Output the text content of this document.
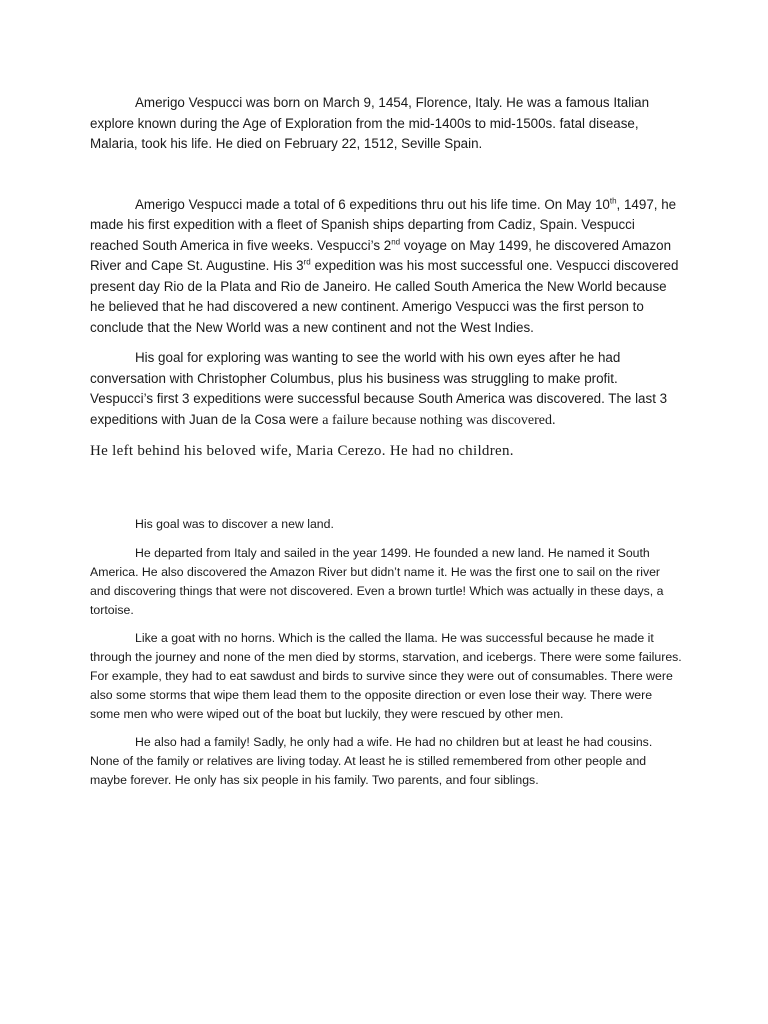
Amerigo Vespucci was born on March 9, 1454, Florence, Italy. He was a famous Italian explore known during the Age of Exploration from the mid-1400s to mid-1500s. fatal disease, Malaria, took his life. He died on February 22, 1512, Seville Spain.

Amerigo Vespucci made a total of 6 expeditions thru out his life time. On May 10th, 1497, he made his first expedition with a fleet of Spanish ships departing from Cadiz, Spain. Vespucci reached South America in five weeks. Vespucci’s 2nd voyage on May 1499, he discovered Amazon River and Cape St. Augustine. His 3rd expedition was his most successful one. Vespucci discovered present day Rio de la Plata and Rio de Janeiro. He called South America the New World because he believed that he had discovered a new continent. Amerigo Vespucci was the first person to conclude that the New World was a new continent and not the West Indies.

His goal for exploring was wanting to see the world with his own eyes after he had conversation with Christopher Columbus, plus his business was struggling to make profit. Vespucci’s first 3 expeditions were successful because South America was discovered. The last 3 expeditions with Juan de la Cosa were a failure because nothing was discovered.

He left behind his beloved wife, Maria Cerezo. He had no children.

His goal was to discover a new land.

He departed from Italy and sailed in the year 1499. He founded a new land. He named it South America. He also discovered the Amazon River but didn’t name it. He was the first one to sail on the river and discovering things that were not discovered. Even a brown turtle! Which was actually in these days, a tortoise.

Like a goat with no horns. Which is the called the llama. He was successful because he made it through the journey and none of the men died by storms, starvation, and icebergs. There were some failures. For example, they had to eat sawdust and birds to survive since they were out of consumables. There were also some storms that wipe them lead them to the opposite direction or even lose their way. There were some men who were wiped out of the boat but luckily, they were rescued by other men.

He also had a family! Sadly, he only had a wife. He had no children but at least he had cousins. None of the family or relatives are living today. At least he is stilled remembered from other people and maybe forever. He only has six people in his family. Two parents, and four siblings.
